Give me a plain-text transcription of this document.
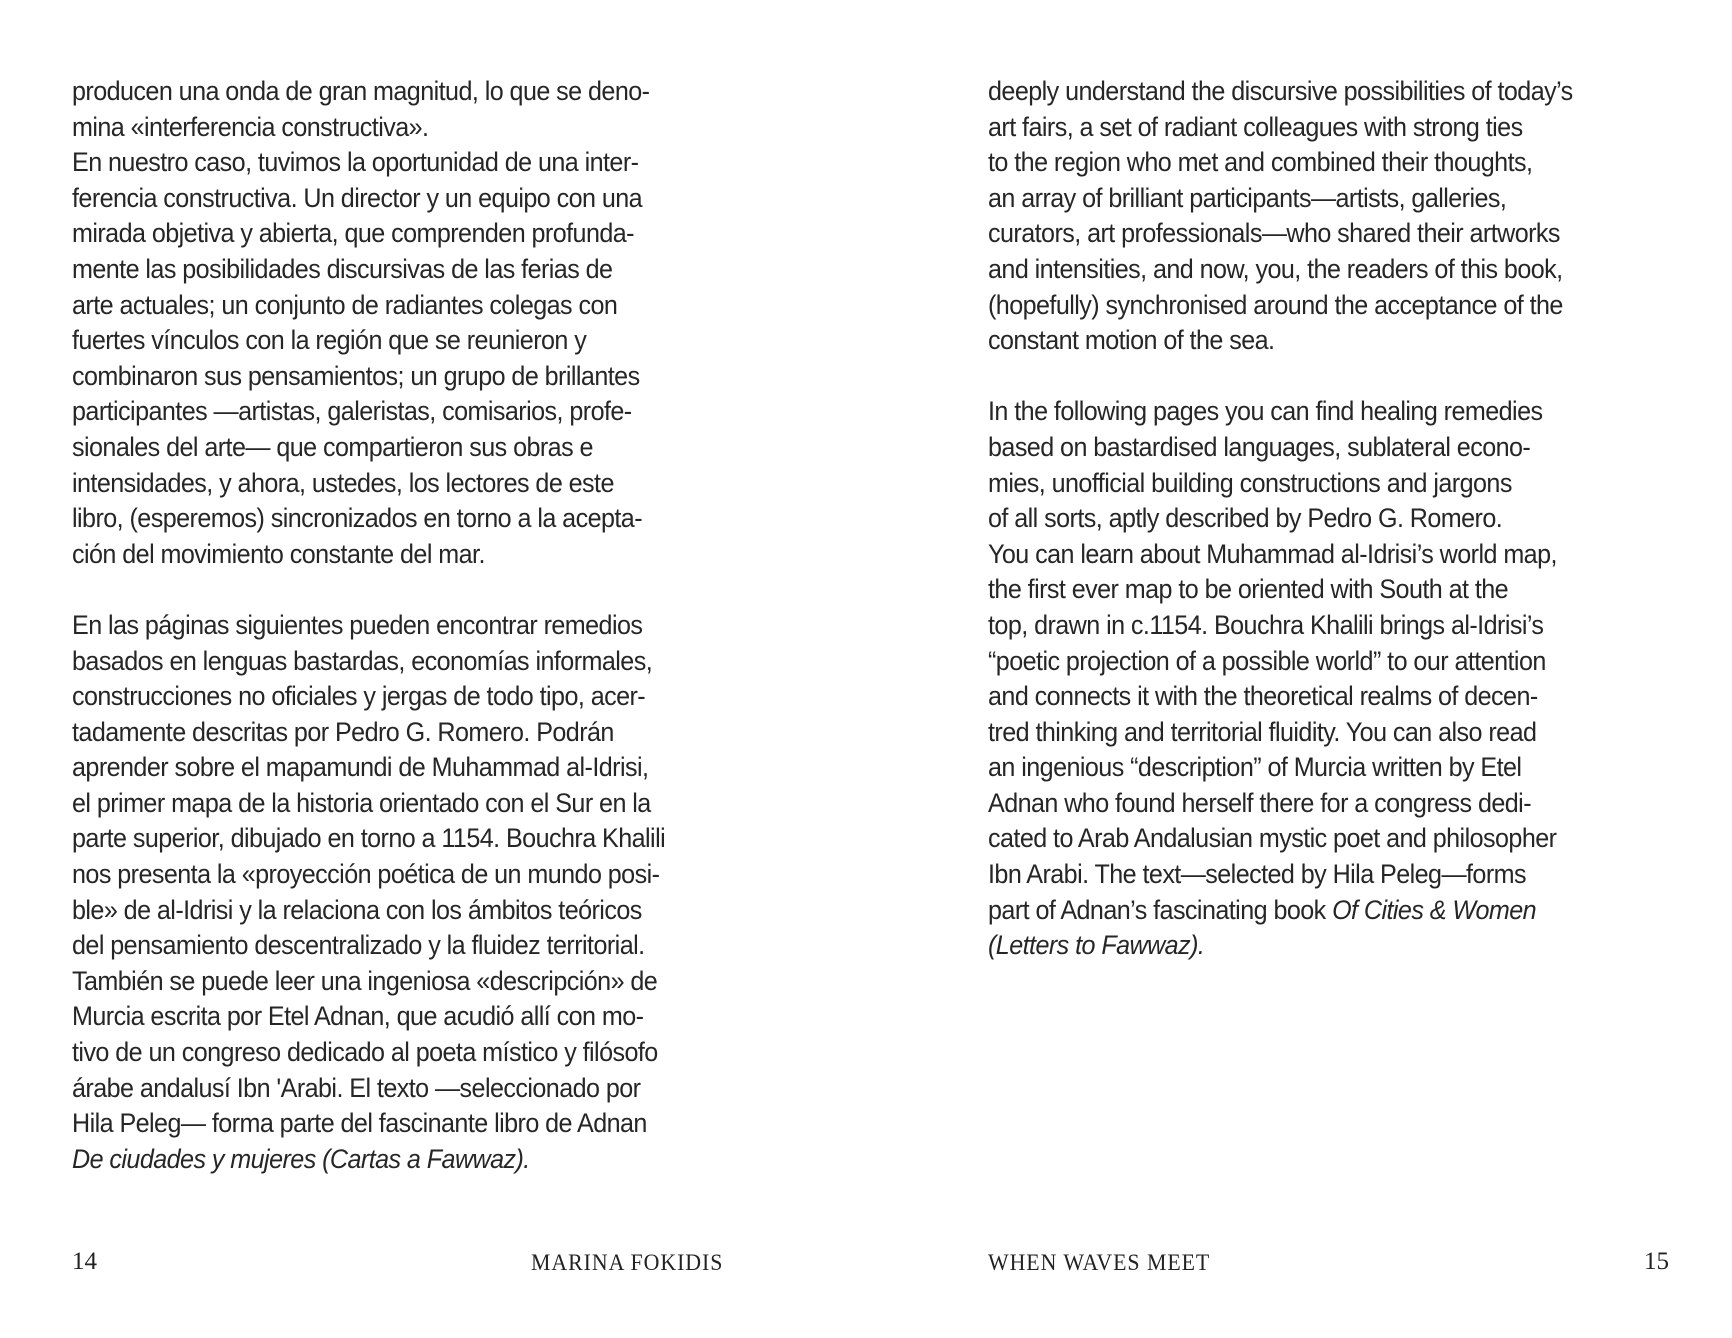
producen una onda de gran magnitud, lo que se deno-
mina «interferencia constructiva».
En nuestro caso, tuvimos la oportunidad de una inter-
ferencia constructiva. Un director y un equipo con una
mirada objetiva y abierta, que comprenden profunda-
mente las posibilidades discursivas de las ferias de
arte actuales; un conjunto de radiantes colegas con
fuertes vínculos con la región que se reunieron y
combinaron sus pensamientos; un grupo de brillantes
participantes —artistas, galeristas, comisarios, profe-
sionales del arte— que compartieron sus obras e
intensidades, y ahora, ustedes, los lectores de este
libro, (esperemos) sincronizados en torno a la acepta-
ción del movimiento constante del mar.
En las páginas siguientes pueden encontrar remedios
basados en lenguas bastardas, economías informales,
construcciones no oficiales y jergas de todo tipo, acer-
tadamente descritas por Pedro G. Romero. Podrán
aprender sobre el mapamundi de Muhammad al-Idrisi,
el primer mapa de la historia orientado con el Sur en la
parte superior, dibujado en torno a 1154. Bouchra Khalili
nos presenta la «proyección poética de un mundo posi-
ble» de al-Idrisi y la relaciona con los ámbitos teóricos
del pensamiento descentralizado y la fluidez territorial.
También se puede leer una ingeniosa «descripción» de
Murcia escrita por Etel Adnan, que acudió allí con mo-
tivo de un congreso dedicado al poeta místico y filósofo
árabe andalusí Ibn 'Arabi. El texto —seleccionado por
Hila Peleg— forma parte del fascinante libro de Adnan
De ciudades y mujeres (Cartas a Fawwaz).
14	MARINA FOKIDIS
deeply understand the discursive possibilities of today’s
art fairs, a set of radiant colleagues with strong ties
to the region who met and combined their thoughts,
an array of brilliant participants—artists, galleries,
curators, art professionals—who shared their artworks
and intensities, and now, you, the readers of this book,
(hopefully) synchronised around the acceptance of the
constant motion of the sea.
In the following pages you can find healing remedies
based on bastardised languages, sublateral econo-
mies, unofficial building constructions and jargons
of all sorts, aptly described by Pedro G. Romero.
You can learn about Muhammad al-Idrisi’s world map,
the first ever map to be oriented with South at the
top, drawn in c.1154. Bouchra Khalili brings al-Idrisi’s
“poetic projection of a possible world” to our attention
and connects it with the theoretical realms of decen-
tred thinking and territorial fluidity. You can also read
an ingenious “description” of Murcia written by Etel
Adnan who found herself there for a congress dedi-
cated to Arab Andalusian mystic poet and philosopher
Ibn Arabi. The text—selected by Hila Peleg—forms
part of Adnan’s fascinating book Of Cities & Women
(Letters to Fawwaz).
WHEN WAVES MEET	15
